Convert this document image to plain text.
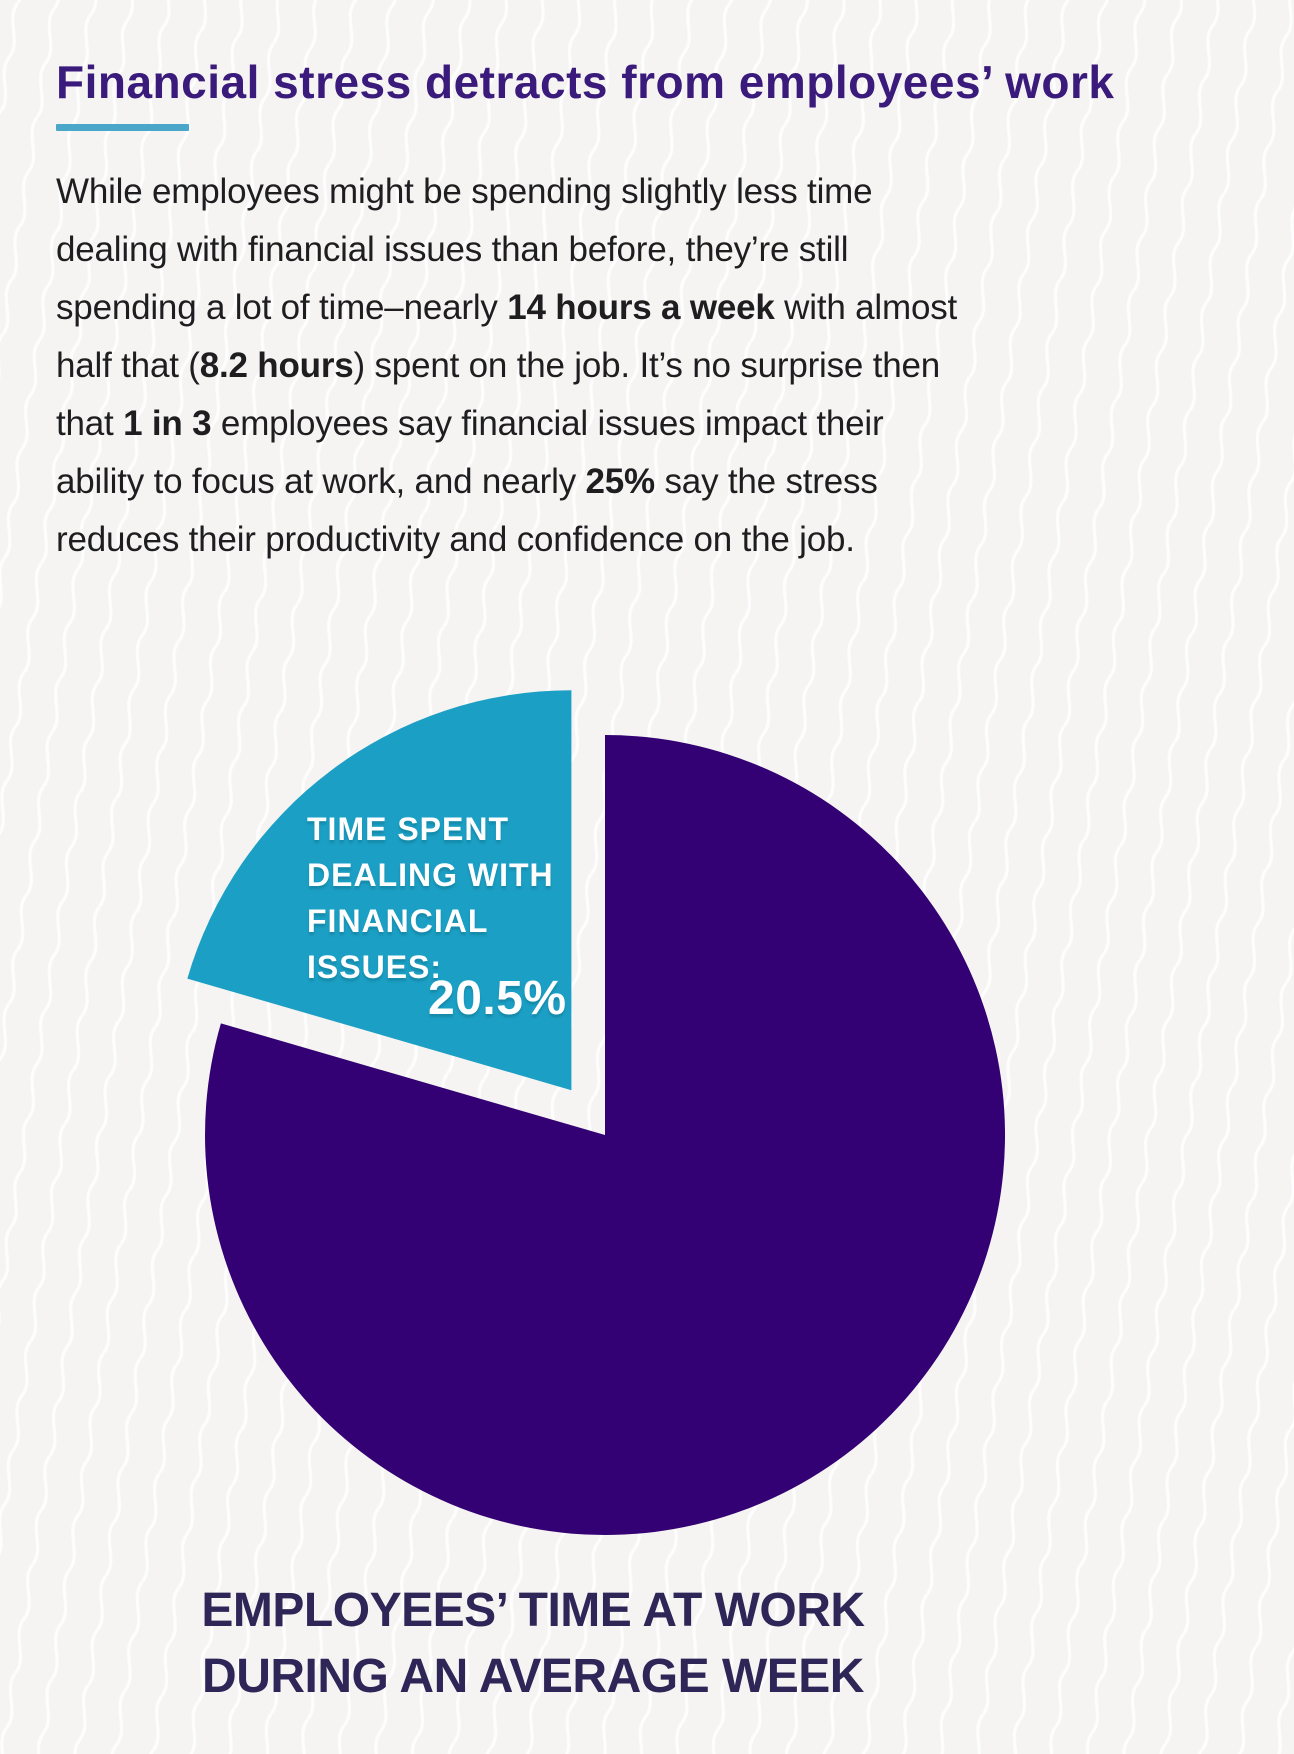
Financial stress detracts from employees’ work
While employees might be spending slightly less time
dealing with financial issues than before, they’re still
spending a lot of time–nearly 14 hours a week with almost
half that (8.2 hours) spent on the job. It’s no surprise then
that 1 in 3 employees say financial issues impact their
ability to focus at work, and nearly 25% say the stress
reduces their productivity and confidence on the job.
TIME SPENT
DEALING WITH
FINANCIAL
ISSUES:
20.5%
EMPLOYEES’ TIME AT WORK
DURING AN AVERAGE WEEK
